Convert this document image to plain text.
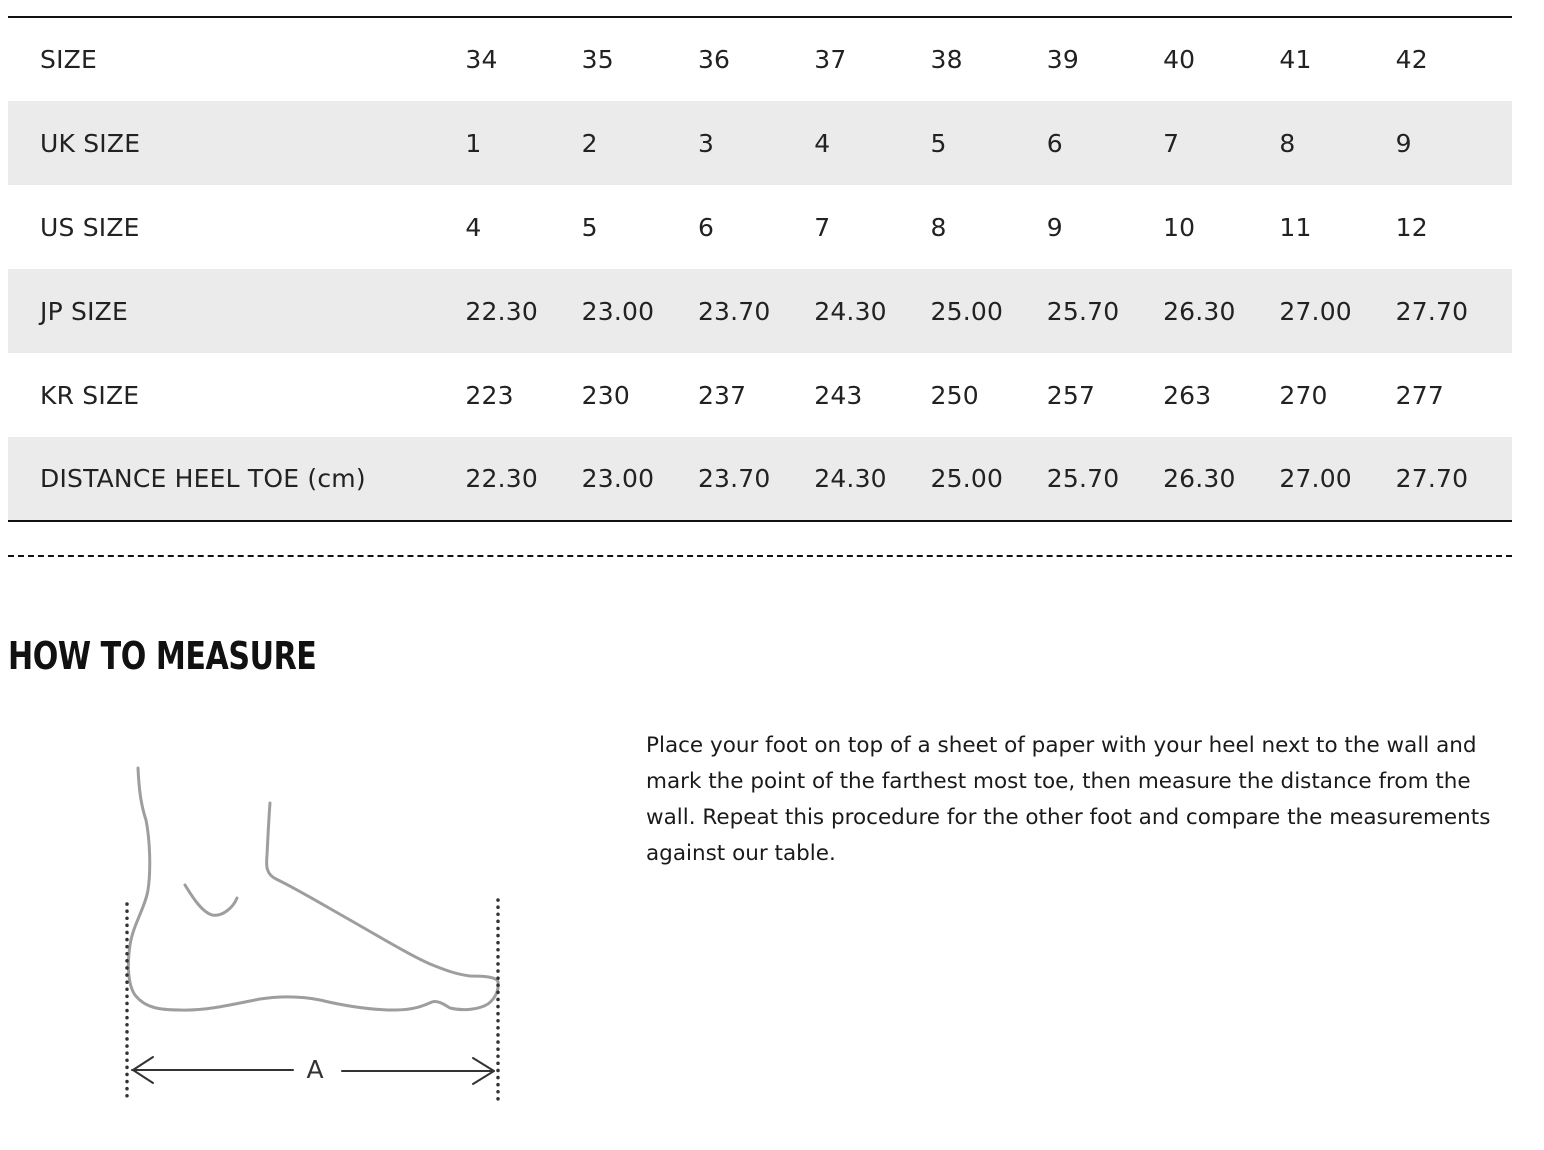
SIZE	34	35	36	37	38	39	40	41	42
UK SIZE	1	2	3	4	5	6	7	8	9
US SIZE	4	5	6	7	8	9	10	11	12
JP SIZE	22.30	23.00	23.70	24.30	25.00	25.70	26.30	27.00	27.70
KR SIZE	223	230	237	243	250	257	263	270	277
DISTANCE HEEL TOE (cm)	22.30	23.00	23.70	24.30	25.00	25.70	26.30	27.00	27.70
HOW TO MEASURE
A

Place your foot on top of a sheet of paper with your heel next to the wall and mark the point of the farthest most toe, then measure the distance from the wall. Repeat this procedure for the other foot and compare the measurements against our table.
